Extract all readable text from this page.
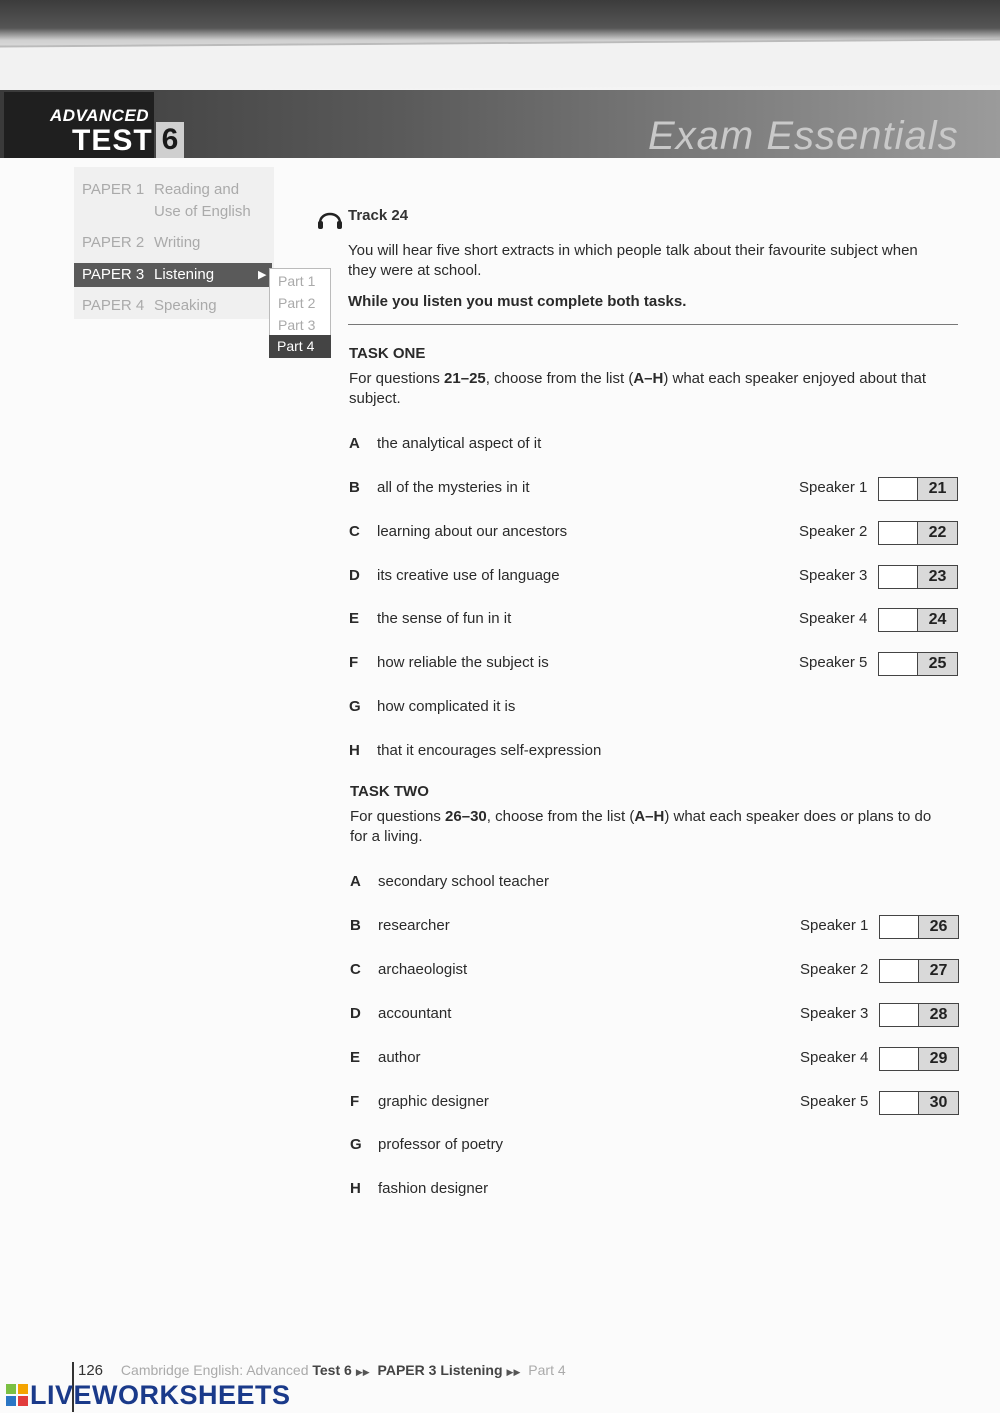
ADVANCED
TEST 6	Exam Essentials
PAPER 1 Reading and
Use of English
PAPER 2 Writing
PAPER 4 Speaking
PAPER 3 Listening	▶ Part 1
Part 2
Part 3
Part 4
Track 24
You will hear five short extracts in which people talk about their favourite subject when they were at school.
While you listen you must complete both tasks.
TASK ONE
For questions 21–25, choose from the list (A–H) what each speaker enjoyed about that subject.
A the analytical aspect of it
B all of the mysteries in it
C learning about our ancestors
D its creative use of language
E the sense of fun in it
F how reliable the subject is
G how complicated it is
H that it encourages self-expression
Speaker 1	21
Speaker 2	22
Speaker 3	23
Speaker 4	24
Speaker 5	25
TASK TWO
For questions 26–30, choose from the list (A–H) what each speaker does or plans to do for a living.
A secondary school teacher
B researcher
C archaeologist
D accountant
E author
F graphic designer
G professor of poetry
H fashion designer
Speaker 1	26
Speaker 2	27
Speaker 3	28
Speaker 4	29
Speaker 5	30
126 Cambridge English: Advanced Test 6 ▶▶ PAPER 3 Listening ▶▶ Part 4
LIVEWORKSHEETS
